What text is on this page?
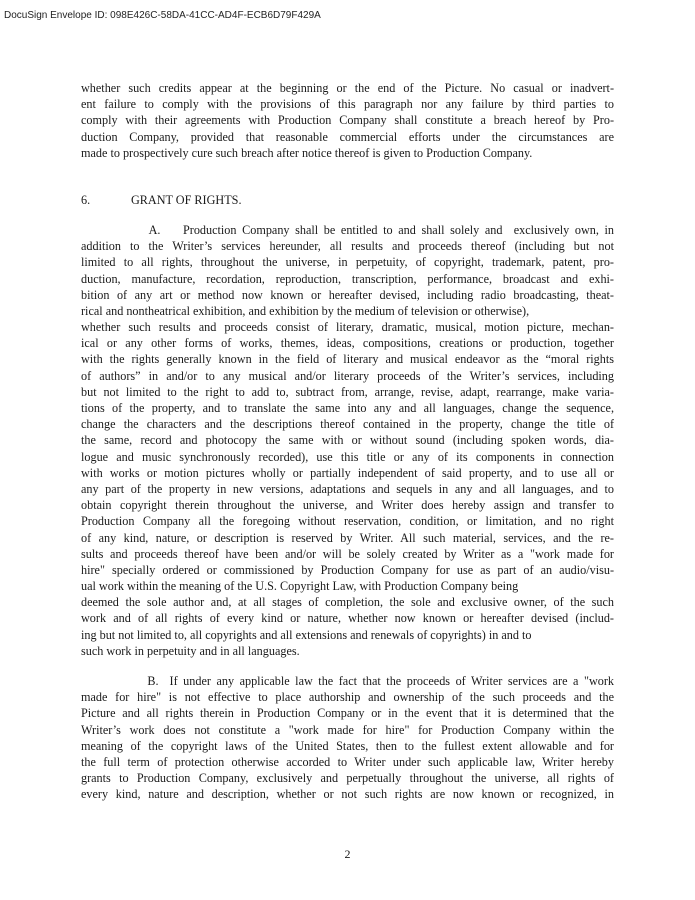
DocuSign Envelope ID: 098E426C-58DA-41CC-AD4F-ECB6D79F429A
whether such credits appear at the beginning or the end of the Picture. No casual or inadvert-
ent failure to comply with the provisions of this paragraph nor any failure by third parties to
comply with their agreements with Production Company shall constitute a breach hereof by Pro-
duction Company, provided that reasonable commercial efforts under the circumstances are
made to prospectively cure such breach after notice thereof is given to Production Company.
6.	GRANT OF RIGHTS.
A.    Production Company shall be entitled to and shall solely and  exclusively own, in
addition to the Writer’s services hereunder, all results and proceeds thereof (including but not
limited to all rights, throughout the universe, in perpetuity, of copyright, trademark, patent, pro-
duction, manufacture, recordation, reproduction, transcription, performance, broadcast and exhi-
bition of any art or method now known or hereafter devised, including radio broadcasting, theat-
rical and nontheatrical exhibition, and exhibition by the medium of television or otherwise),
whether such results and proceeds consist of literary, dramatic, musical, motion picture, mechan-
ical or any other forms of works, themes, ideas, compositions, creations or production, together
with the rights generally known in the field of literary and musical endeavor as the “moral rights
of authors” in and/or to any musical and/or literary proceeds of the Writer’s services, including
but not limited to the right to add to, subtract from, arrange, revise, adapt, rearrange, make varia-
tions of the property, and to translate the same into any and all languages, change the sequence,
change the characters and the descriptions thereof contained in the property, change the title of
the same, record and photocopy the same with or without sound (including spoken words, dia-
logue and music synchronously recorded), use this title or any of its components in connection
with works or motion pictures wholly or partially independent of said property, and to use all or
any part of the property in new versions, adaptations and sequels in any and all languages, and to
obtain copyright therein throughout the universe, and Writer does hereby assign and transfer to
Production Company all the foregoing without reservation, condition, or limitation, and no right
of any kind, nature, or description is reserved by Writer. All such material, services, and the re-
sults and proceeds thereof have been and/or will be solely created by Writer as a "work made for
hire" specially ordered or commissioned by Production Company for use as part of an audio/visu-
ual work within the meaning of the U.S. Copyright Law, with Production Company being
deemed the sole author and, at all stages of completion, the sole and exclusive owner, of the such
work and of all rights of every kind or nature, whether now known or hereafter devised (includ-
ing but not limited to, all copyrights and all extensions and renewals of copyrights) in and to
such work in perpetuity and in all languages.
B.  If under any applicable law the fact that the proceeds of Writer services are a "work
made for hire" is not effective to place authorship and ownership of the such proceeds and the
Picture and all rights therein in Production Company or in the event that it is determined that the
Writer’s work does not constitute a "work made for hire" for Production Company within the
meaning of the copyright laws of the United States, then to the fullest extent allowable and for
the full term of protection otherwise accorded to Writer under such applicable law, Writer hereby
grants to Production Company, exclusively and perpetually throughout the universe, all rights of
every kind, nature and description, whether or not such rights are now known or recognized, in
2
